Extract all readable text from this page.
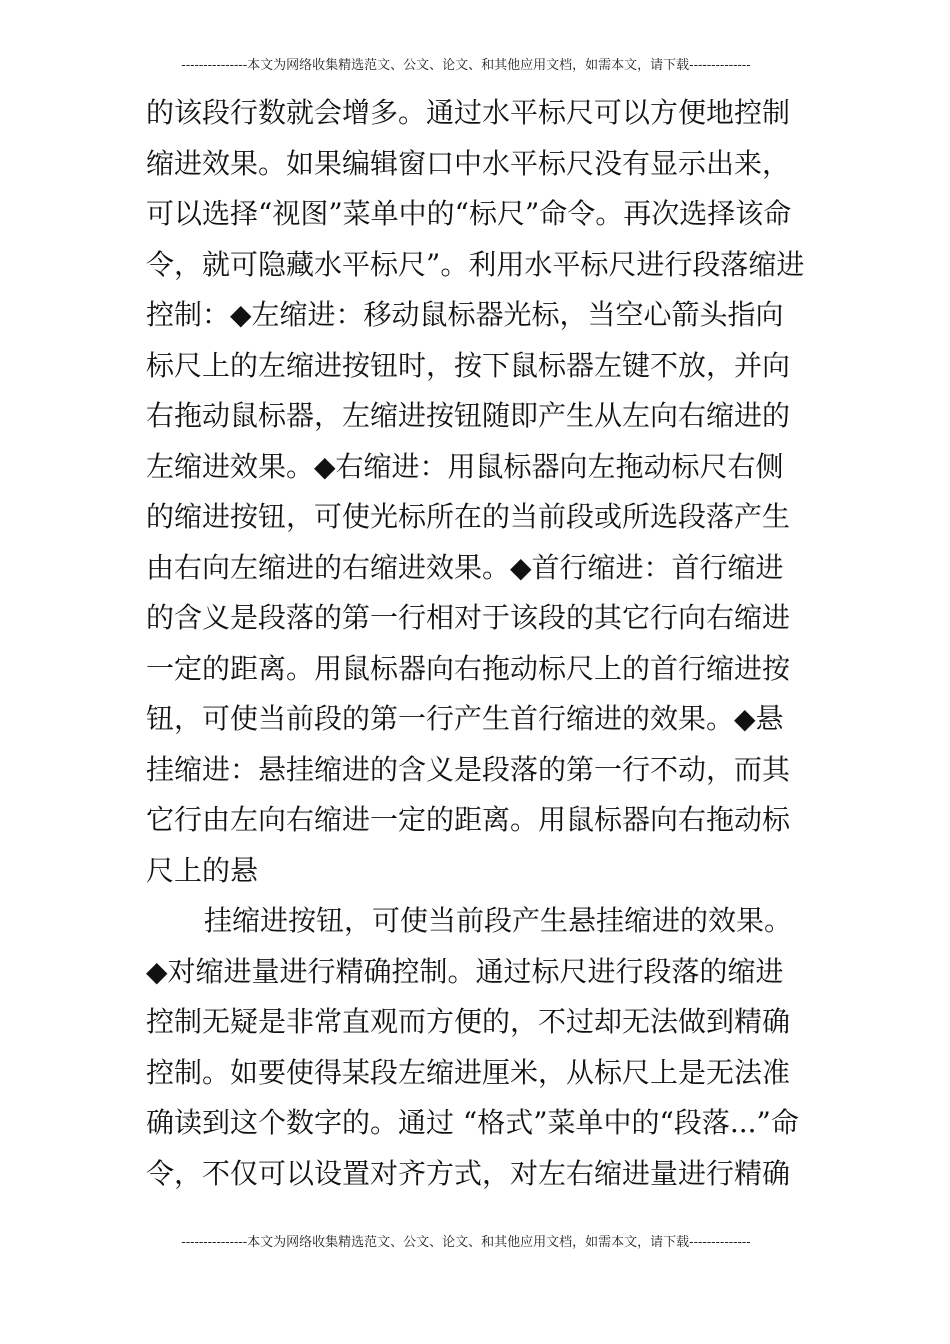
---------------本文为网络收集精选范文、公文、论文、和其他应用文档，如需本文，请下载--------------
的该段行数就会增多。通过水平标尺可以方便地控制
缩进效果。如果编辑窗口中水平标尺没有显示出来，
可以选择“视图”菜单中的“标尺”命令。再次选择该命
令，就可隐藏水平标尺”。利用水平标尺进行段落缩进
控制：◆左缩进：移动鼠标器光标，当空心箭头指向
标尺上的左缩进按钮时，按下鼠标器左键不放，并向
右拖动鼠标器，左缩进按钮随即产生从左向右缩进的
左缩进效果。◆右缩进：用鼠标器向左拖动标尺右侧
的缩进按钮，可使光标所在的当前段或所选段落产生
由右向左缩进的右缩进效果。◆首行缩进：首行缩进
的含义是段落的第一行相对于该段的其它行向右缩进
一定的距离。用鼠标器向右拖动标尺上的首行缩进按
钮，可使当前段的第一行产生首行缩进的效果。◆悬
挂缩进：悬挂缩进的含义是段落的第一行不动，而其
它行由左向右缩进一定的距离。用鼠标器向右拖动标
尺上的悬
挂缩进按钮，可使当前段产生悬挂缩进的效果。
◆对缩进量进行精确控制。通过标尺进行段落的缩进
控制无疑是非常直观而方便的，不过却无法做到精确
控制。如要使得某段左缩进厘米，从标尺上是无法准
确读到这个数字的。通过 “格式”菜单中的“段落...”命
令，不仅可以设置对齐方式，对左右缩进量进行精确
---------------本文为网络收集精选范文、公文、论文、和其他应用文档，如需本文，请下载--------------
